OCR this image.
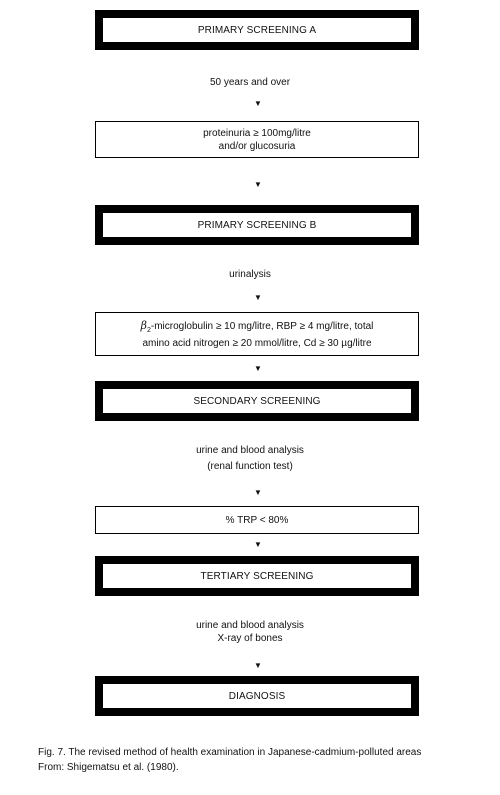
PRIMARY SCREENING A
50 years and over
▼
proteinuria ≥ 100mg/litre
and/or glucosuria
▼
PRIMARY SCREENING B
urinalysis
▼
$\beta_2$-microglobulin ≥ 10 mg/litre, RBP ≥ 4 mg/litre, total
amino acid nitrogen ≥ 20 mmol/litre, Cd ≥ 30 µg/litre
▼
SECONDARY SCREENING
urine and blood analysis
(renal function test)
▼
% TRP < 80%
▼
TERTIARY SCREENING
urine and blood analysis
X-ray of bones
▼
DIAGNOSIS
Fig. 7. The revised method of health examination in Japanese-cadmium-polluted areas
From: Shigematsu et al. (1980).
